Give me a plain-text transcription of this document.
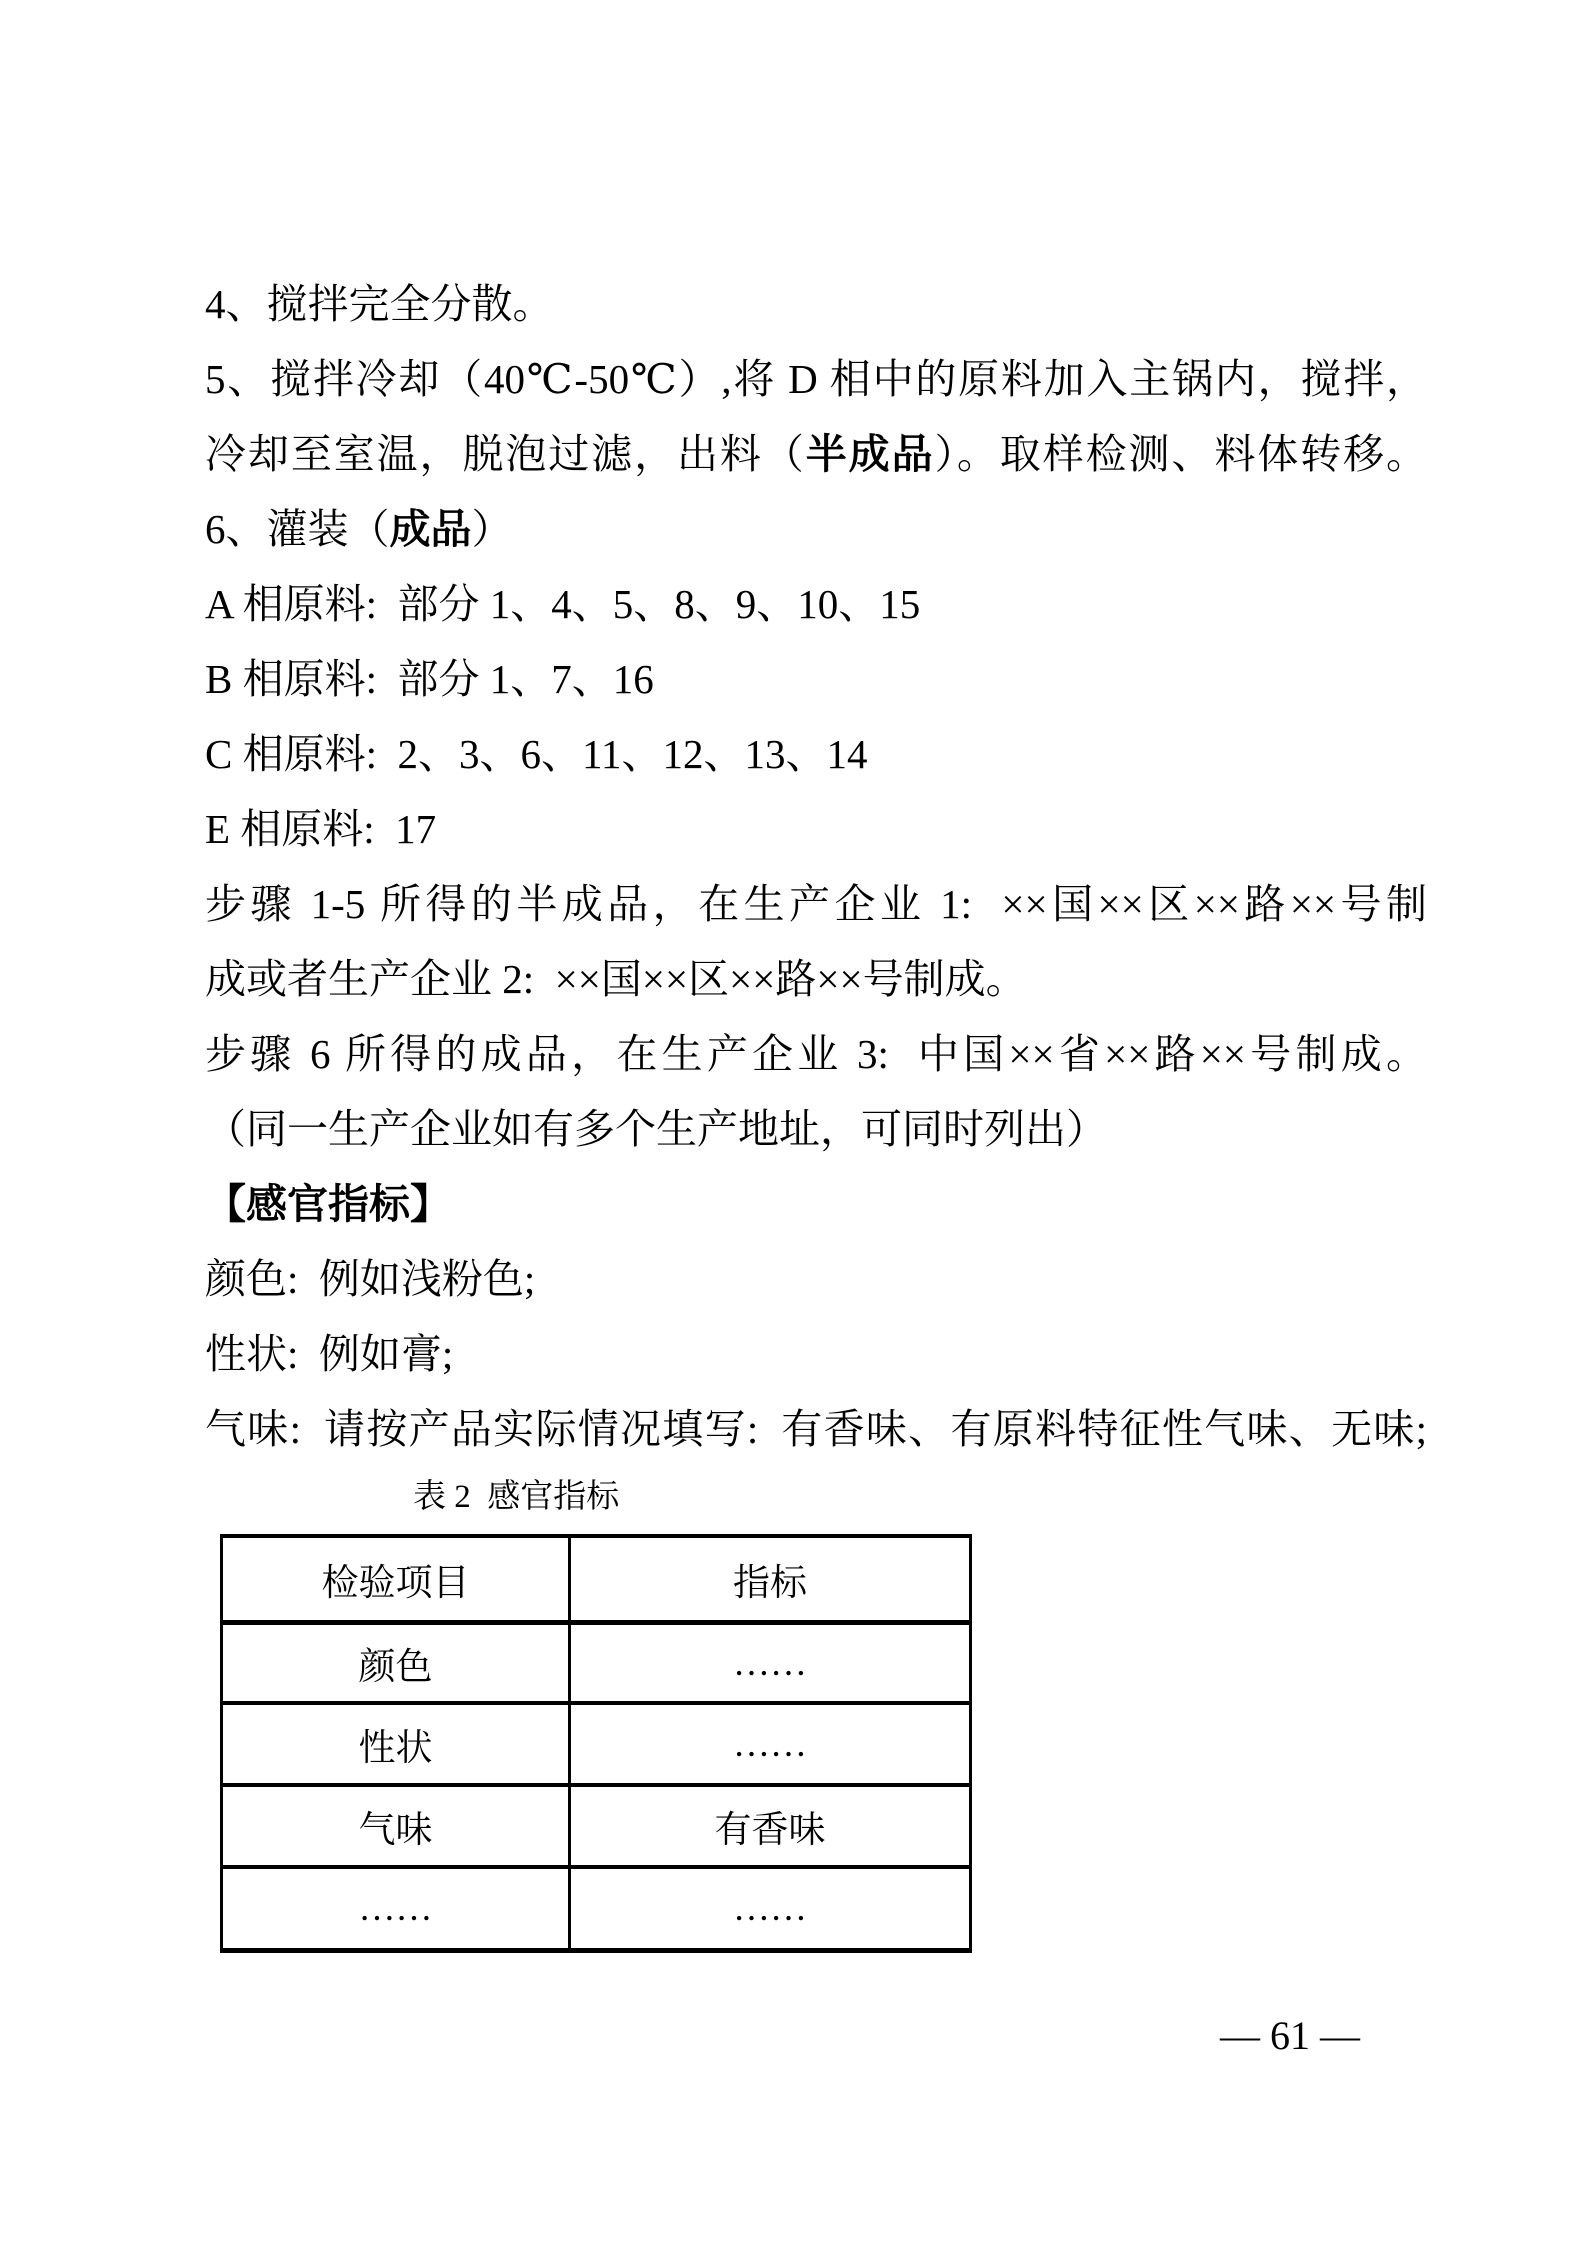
4、搅拌完全分散。
5、搅拌冷却（40℃-50℃）,将 D 相中的原料加入主锅内，搅拌，
冷却至室温，脱泡过滤，出料（半成品）。取样检测、料体转移。
6、灌装（成品）
A 相原料:  部分 1、4、5、8、9、10、15
B 相原料:  部分 1、7、16
C 相原料:  2、3、6、11、12、13、14
E 相原料:  17
步骤 1-5 所得的半成品，在生产企业 1:  ××国××区××路××号制
成或者生产企业 2:  ××国××区××路××号制成。
步骤 6 所得的成品，在生产企业 3:  中国××省××路××号制成。
（同一生产企业如有多个生产地址，可同时列出）
【感官指标】
颜色:  例如浅粉色;
性状:  例如膏;
气味:  请按产品实际情况填写:  有香味、有原料特征性气味、无味;
表 2  感官指标
检验项目	指标
颜色	……
性状	……
气味	有香味
……	……
— 61 —
